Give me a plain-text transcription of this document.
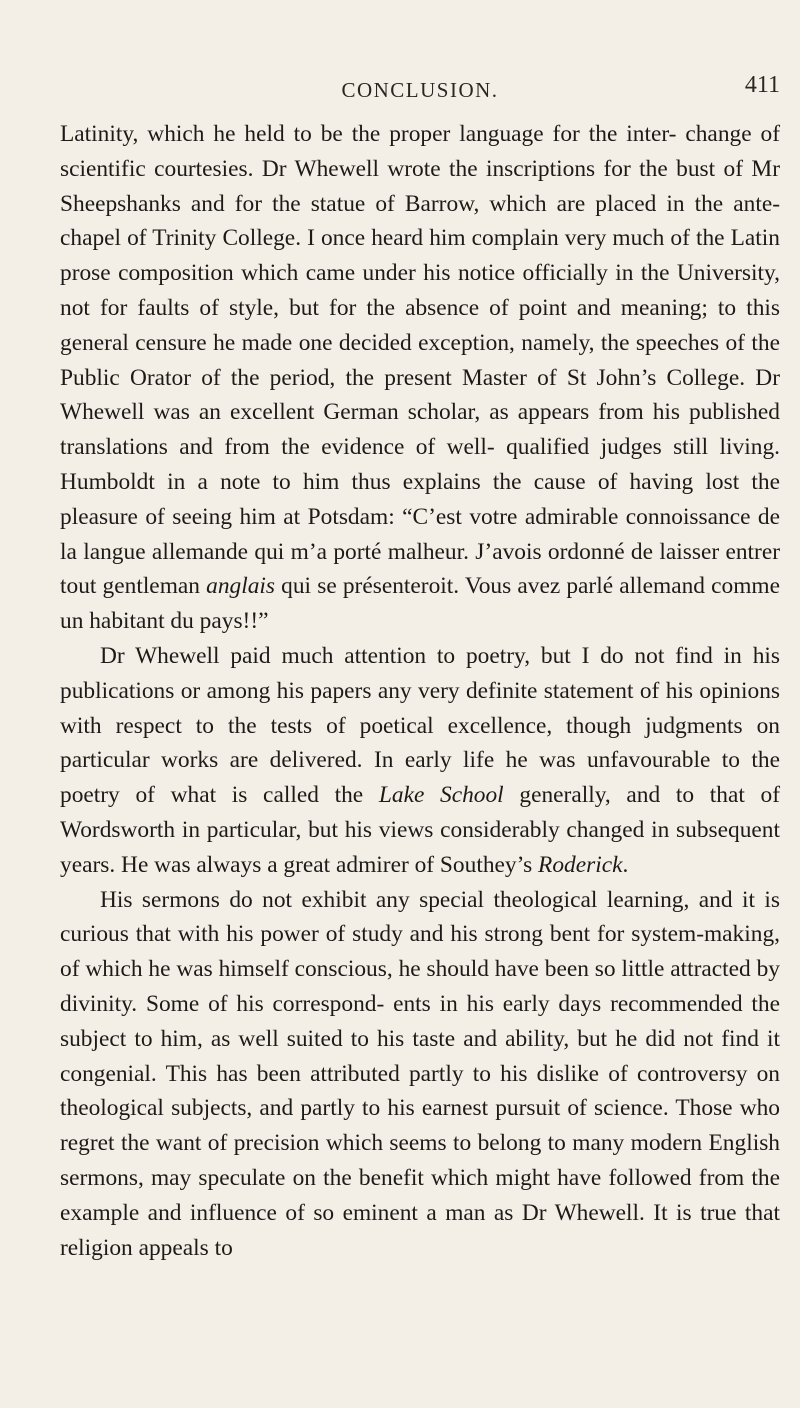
CONCLUSION.	411

Latinity, which he held to be the proper language for the inter- change of scientific courtesies. Dr Whewell wrote the inscriptions for the bust of Mr Sheepshanks and for the statue of Barrow, which are placed in the ante-chapel of Trinity College. I once heard him complain very much of the Latin prose composition which came under his notice officially in the University, not for faults of style, but for the absence of point and meaning; to this general censure he made one decided exception, namely, the speeches of the Public Orator of the period, the present Master of St John’s College. Dr Whewell was an excellent German scholar, as appears from his published translations and from the evidence of well- qualified judges still living. Humboldt in a note to him thus explains the cause of having lost the pleasure of seeing him at Potsdam: “C’est votre admirable connoissance de la langue allemande qui m’a porté malheur. J’avois ordonné de laisser entrer tout gentleman anglais qui se présenteroit. Vous avez parlé allemand comme un habitant du pays!!”

Dr Whewell paid much attention to poetry, but I do not find in his publications or among his papers any very definite statement of his opinions with respect to the tests of poetical excellence, though judgments on particular works are delivered. In early life he was unfavourable to the poetry of what is called the Lake School generally, and to that of Wordsworth in particular, but his views considerably changed in subsequent years. He was always a great admirer of Southey’s Roderick.

His sermons do not exhibit any special theological learning, and it is curious that with his power of study and his strong bent for system-making, of which he was himself conscious, he should have been so little attracted by divinity. Some of his correspond- ents in his early days recommended the subject to him, as well suited to his taste and ability, but he did not find it congenial. This has been attributed partly to his dislike of controversy on theological subjects, and partly to his earnest pursuit of science. Those who regret the want of precision which seems to belong to many modern English sermons, may speculate on the benefit which might have followed from the example and influence of so eminent a man as Dr Whewell. It is true that religion appeals to
